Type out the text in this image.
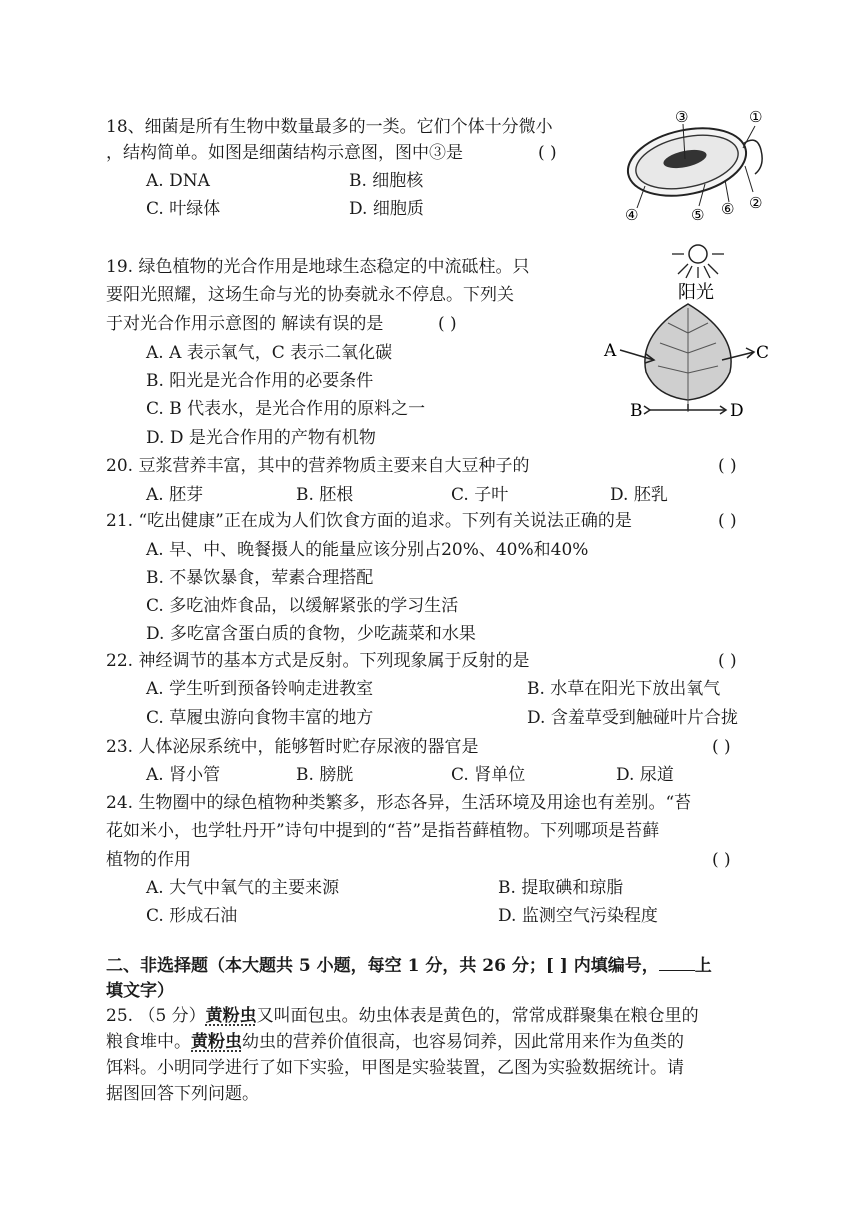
18、细菌是所有生物中数量最多的一类。它们个体十分微小
，结构简单。如图是细菌结构示意图，图中③是	( )
A. DNA	B. 细胞核
C. 叶绿体	D. 细胞质
①
②
③
④	⑤ ⑥
19. 绿色植物的光合作用是地球生态稳定的中流砥柱。只
要阳光照耀，这场生命与光的协奏就永不停息。下列关
于对光合作用示意图的 解读有误的是	( )
A. A 表示氧气，C 表示二氧化碳
B. 阳光是光合作用的必要条件
C. B 代表水，是光合作用的原料之一
D. D 是光合作用的产物有机物
阳光
A
B
C
D
20. 豆浆营养丰富，其中的营养物质主要来自大豆种子的	( )
A. 胚芽	B. 胚根	C. 子叶	D. 胚乳
21. “吃出健康”正在成为人们饮食方面的追求。下列有关说法正确的是	( )
A. 早、中、晚餐摄人的能量应该分别占20%、40%和40%
B. 不暴饮暴食，荤素合理搭配
C. 多吃油炸食品，以缓解紧张的学习生活
D. 多吃富含蛋白质的食物，少吃蔬菜和水果
22. 神经调节的基本方式是反射。下列现象属于反射的是	( )
A. 学生听到预备铃响走进教室	B. 水草在阳光下放出氧气
C. 草履虫游向食物丰富的地方	D. 含羞草受到触碰叶片合拢
23. 人体泌尿系统中，能够暂时贮存尿液的器官是	( )
A. 肾小管	B. 膀胱	C. 肾单位	D. 尿道
24. 生物圈中的绿色植物种类繁多，形态各异，生活环境及用途也有差别。“苔
花如米小，也学牡丹开”诗句中提到的“苔”是指苔藓植物。下列哪项是苔藓
植物的作用	( )
A. 大气中氧气的主要来源	B. 提取碘和琼脂
C. 形成石油	D. 监测空气污染程度
二、非选择题（本大题共 5 小题，每空 1 分，共 26 分；[ ] 内填编号， 上
填文字）
25. （5 分）黄粉虫又叫面包虫。幼虫体表是黄色的，常常成群聚集在粮仓里的
粮食堆中。黄粉虫幼虫的营养价值很高，也容易饲养，因此常用来作为鱼类的
饵料。小明同学进行了如下实验，甲图是实验装置，乙图为实验数据统计。请
据图回答下列问题。
